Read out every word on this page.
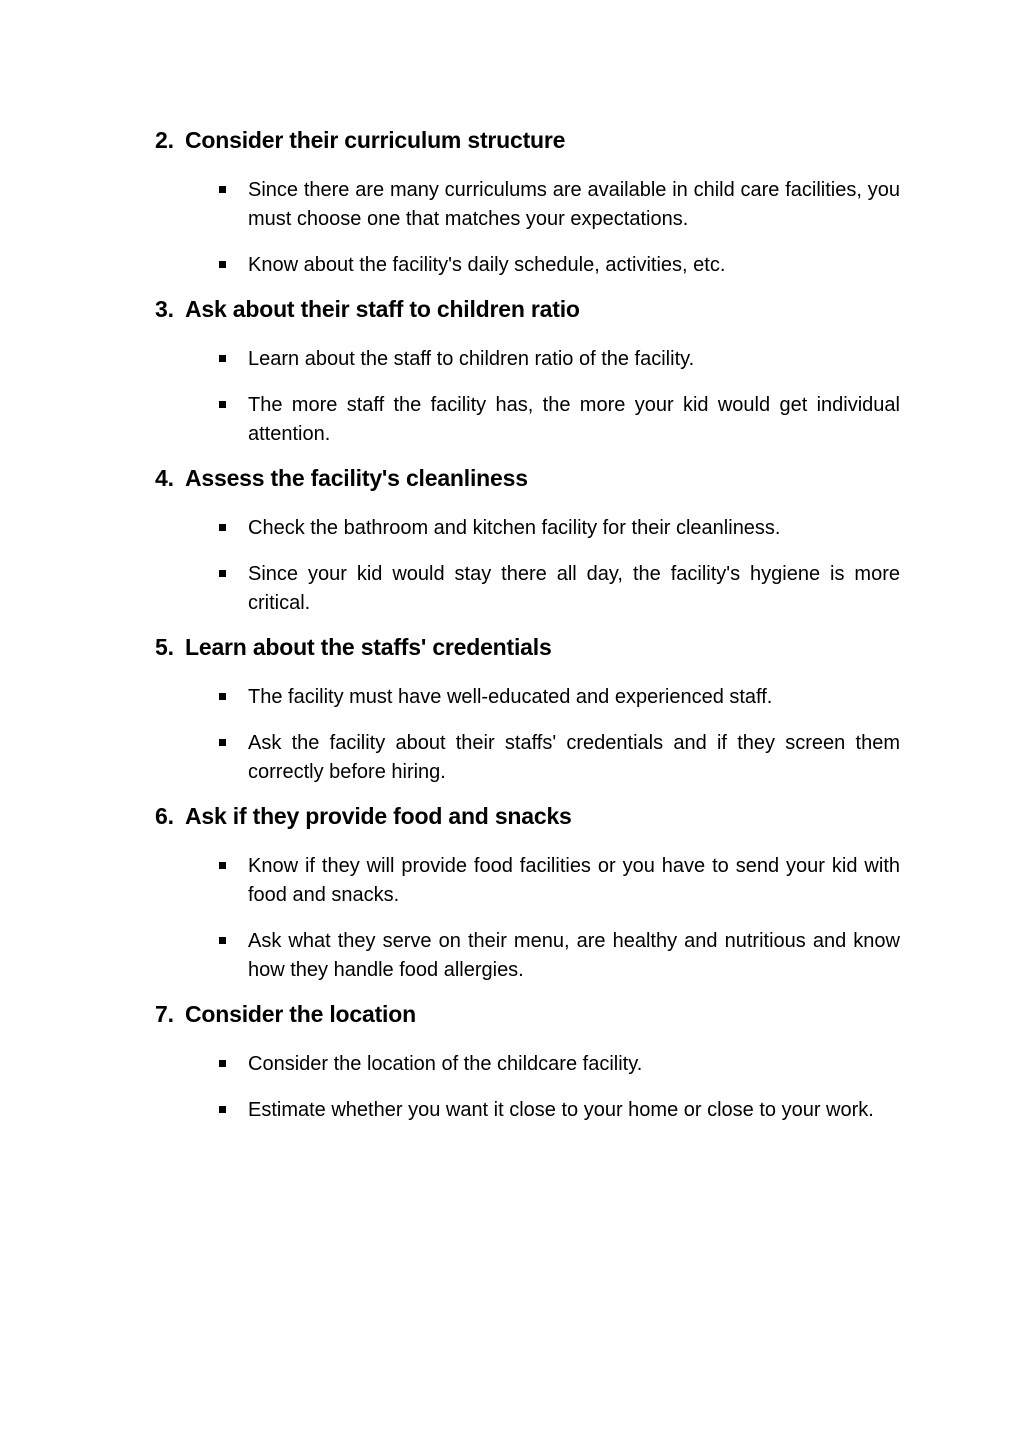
2. Consider their curriculum structure
Since there are many curriculums are available in child care facilities, you must choose one that matches your expectations.
Know about the facility's daily schedule, activities, etc.
3. Ask about their staff to children ratio
Learn about the staff to children ratio of the facility.
The more staff the facility has, the more your kid would get individual attention.
4. Assess the facility's cleanliness
Check the bathroom and kitchen facility for their cleanliness.
Since your kid would stay there all day, the facility's hygiene is more critical.
5. Learn about the staffs' credentials
The facility must have well-educated and experienced staff.
Ask the facility about their staffs' credentials and if they screen them correctly before hiring.
6. Ask if they provide food and snacks
Know if they will provide food facilities or you have to send your kid with food and snacks.
Ask what they serve on their menu, are healthy and nutritious and know how they handle food allergies.
7. Consider the location
Consider the location of the childcare facility.
Estimate whether you want it close to your home or close to your work.
